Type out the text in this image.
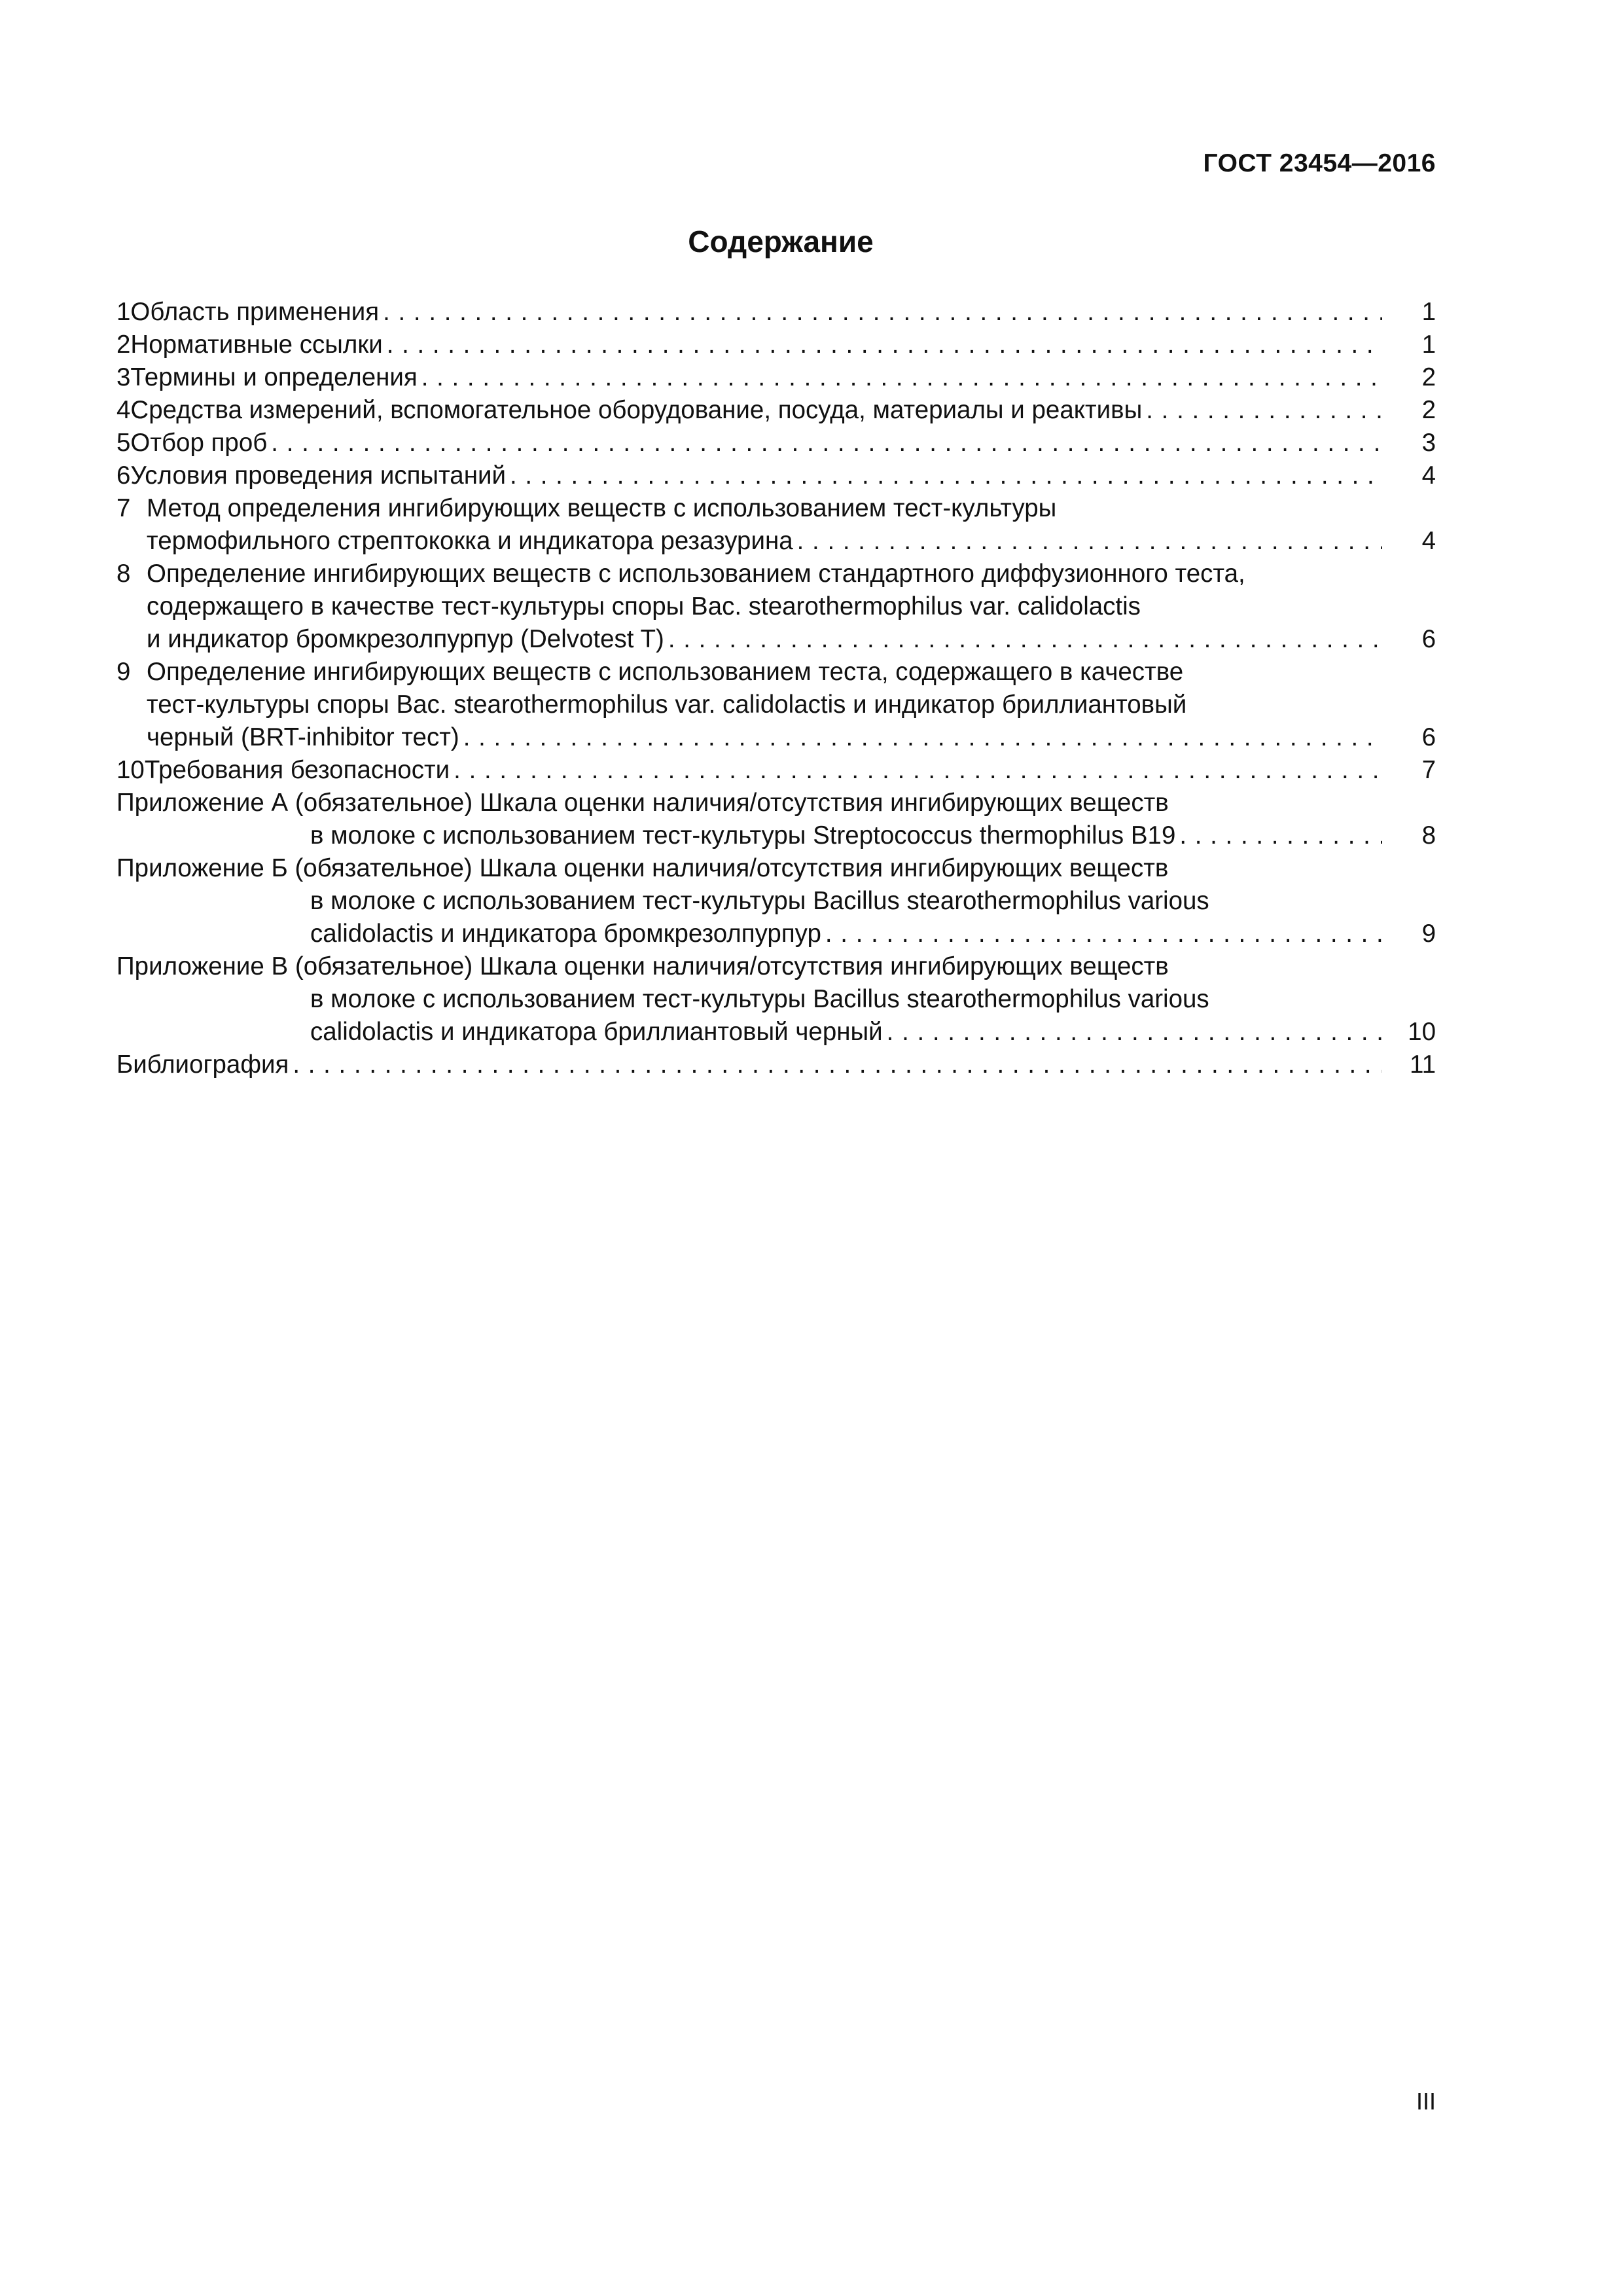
ГОСТ 23454—2016
Содержание
1 Область применения . . .	1
2 Нормативные ссылки . . .	1
3 Термины и определения . . .	2
4 Средства измерений, вспомогательное оборудование, посуда, материалы и реактивы . . .	2
5 Отбор проб . . .	3
6 Условия проведения испытаний . . .	4
7 Метод определения ингибирующих веществ с использованием тест-культуры
термофильного стрептококка и индикатора резазурина . . .	4
8 Определение ингибирующих веществ с использованием стандартного диффузионного теста,
содержащего в качестве тест-культуры споры Bac. stearothermophilus var. calidolactis
и индикатор бромкрезолпурпур (Delvotest T) . . .	6
9 Определение ингибирующих веществ с использованием теста, содержащего в качестве
тест-культуры споры Bac. stearothermophilus var. calidolactis и индикатор бриллиантовый
черный (BRT-inhibitor тест) . . .	6
10 Требования безопасности . . .	7
Приложение А
(обязательное) Шкала оценки наличия/отсутствия ингибирующих веществ
в молоке с использованием тест-культуры Streptococcus thermophilus B19 . . .	8
Приложение Б
(обязательное) Шкала оценки наличия/отсутствия ингибирующих веществ
в молоке с использованием тест-культуры Bacillus stearothermophilus various
calidolactis и индикатора бромкрезолпурпур . . .	9
Приложение В
(обязательное) Шкала оценки наличия/отсутствия ингибирующих веществ
в молоке с использованием тест-культуры Bacillus stearothermophilus various
calidolactis и индикатора бриллиантовый черный . . .	10
Библиография . . .	11
III
